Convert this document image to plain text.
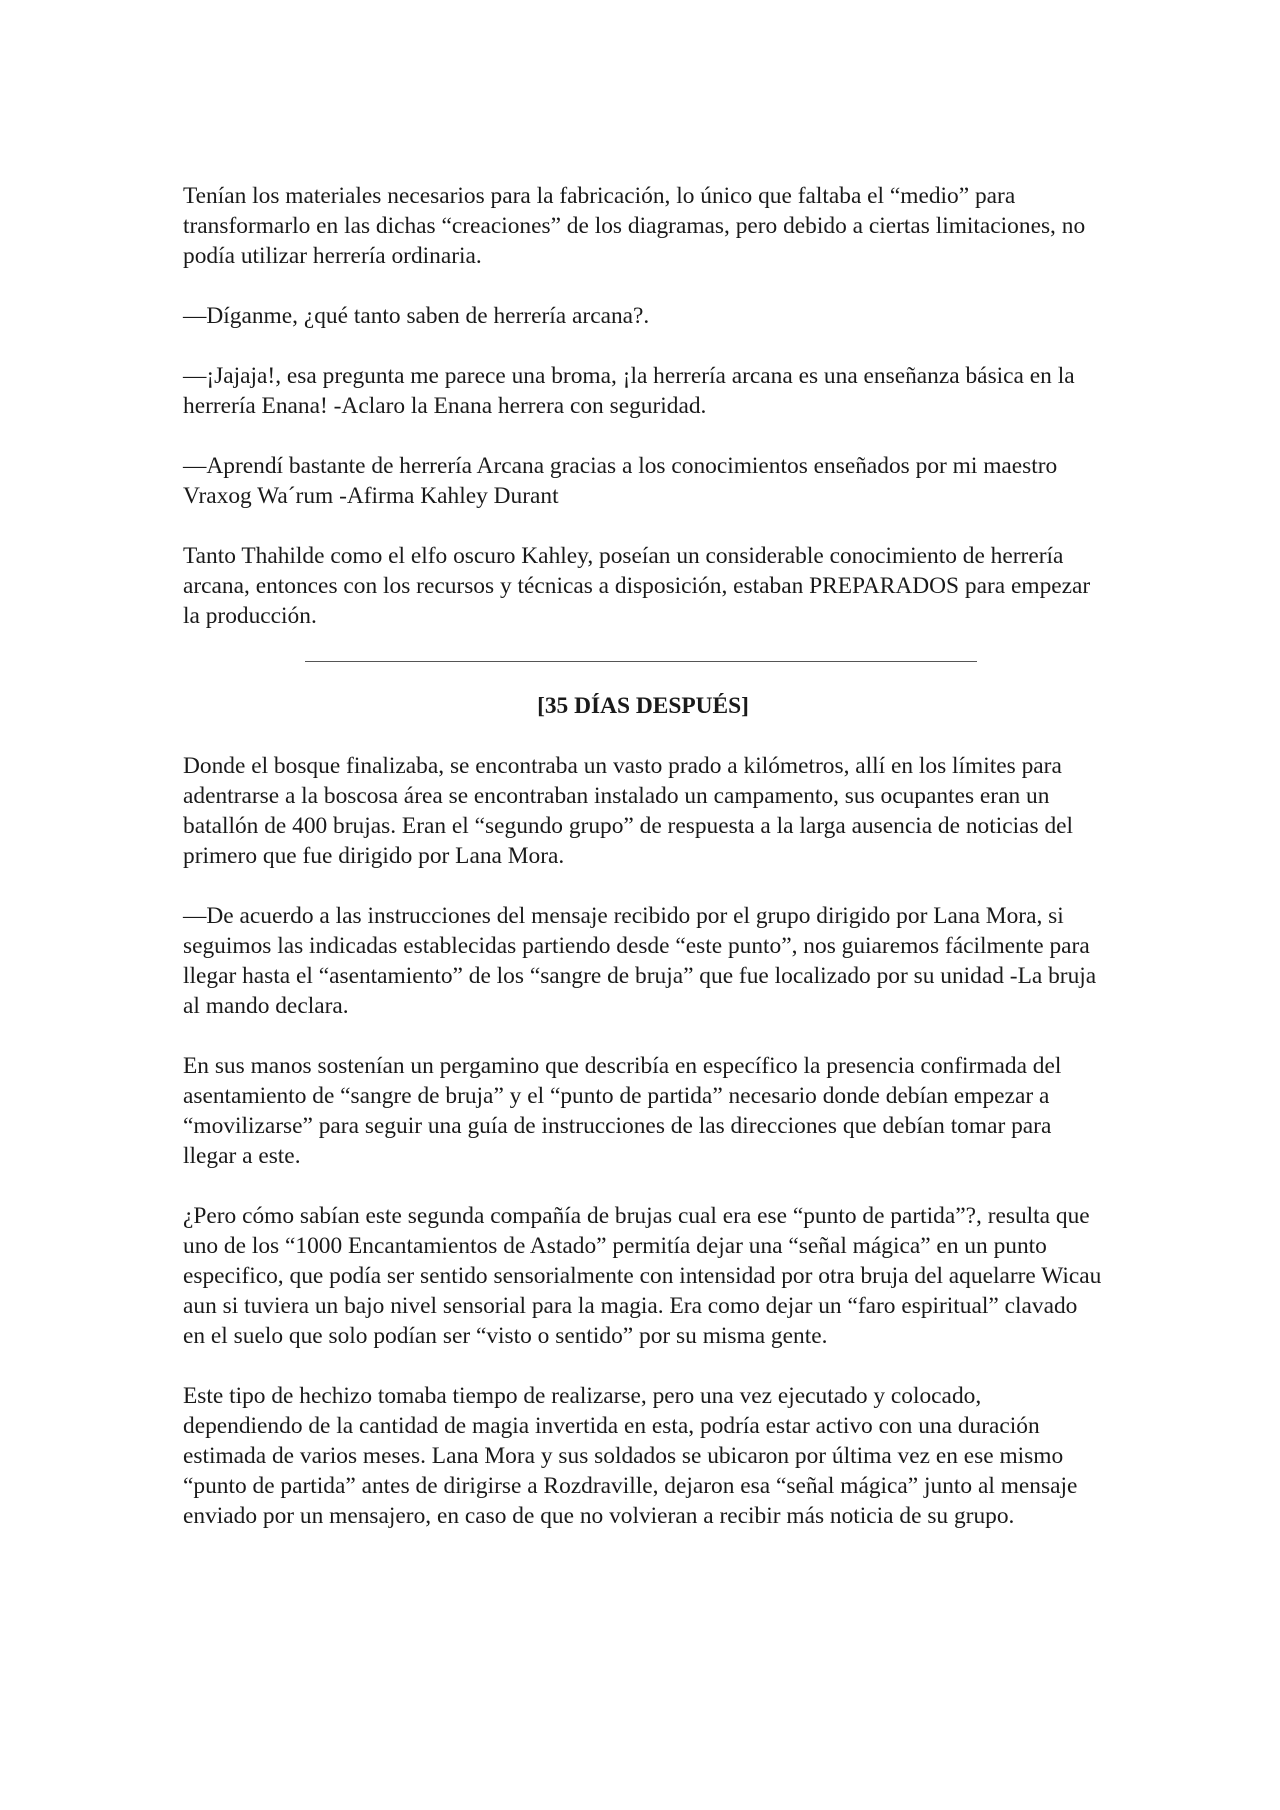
Tenían los materiales necesarios para la fabricación, lo único que faltaba el “medio” para transformarlo en las dichas “creaciones” de los diagramas, pero debido a ciertas limitaciones, no podía utilizar herrería ordinaria.

—Díganme, ¿qué tanto saben de herrería arcana?.

—¡Jajaja!, esa pregunta me parece una broma, ¡la herrería arcana es una enseñanza básica en la herrería Enana! -Aclaro la Enana herrera con seguridad.

—Aprendí bastante de herrería Arcana gracias a los conocimientos enseñados por mi maestro Vraxog Wa´rum -Afirma Kahley Durant

Tanto Thahilde como el elfo oscuro Kahley, poseían un considerable conocimiento de herrería arcana, entonces con los recursos y técnicas a disposición, estaban PREPARADOS para empezar la producción.

[35 DÍAS DESPUÉS]

Donde el bosque finalizaba, se encontraba un vasto prado a kilómetros, allí en los límites para adentrarse a la boscosa área se encontraban instalado un campamento, sus ocupantes eran un batallón de 400 brujas. Eran el “segundo grupo” de respuesta a la larga ausencia de noticias del primero que fue dirigido por Lana Mora.

—De acuerdo a las instrucciones del mensaje recibido por el grupo dirigido por Lana Mora, si seguimos las indicadas establecidas partiendo desde “este punto”, nos guiaremos fácilmente para llegar hasta el “asentamiento” de los “sangre de bruja” que fue localizado por su unidad -La bruja al mando declara.

En sus manos sostenían un pergamino que describía en específico la presencia confirmada del asentamiento de “sangre de bruja” y el “punto de partida” necesario donde debían empezar a “movilizarse” para seguir una guía de instrucciones de las direcciones que debían tomar para llegar a este.

¿Pero cómo sabían este segunda compañía de brujas cual era ese “punto de partida”?, resulta que uno de los “1000 Encantamientos de Astado” permitía dejar una “señal mágica” en un punto especifico, que podía ser sentido sensorialmente con intensidad por otra bruja del aquelarre Wicau aun si tuviera un bajo nivel sensorial para la magia. Era como dejar un “faro espiritual” clavado en el suelo que solo podían ser “visto o sentido” por su misma gente.

Este tipo de hechizo tomaba tiempo de realizarse, pero una vez ejecutado y colocado, dependiendo de la cantidad de magia invertida en esta, podría estar activo con una duración estimada de varios meses. Lana Mora y sus soldados se ubicaron por última vez en ese mismo “punto de partida” antes de dirigirse a Rozdraville, dejaron esa “señal mágica” junto al mensaje enviado por un mensajero, en caso de que no volvieran a recibir más noticia de su grupo.
